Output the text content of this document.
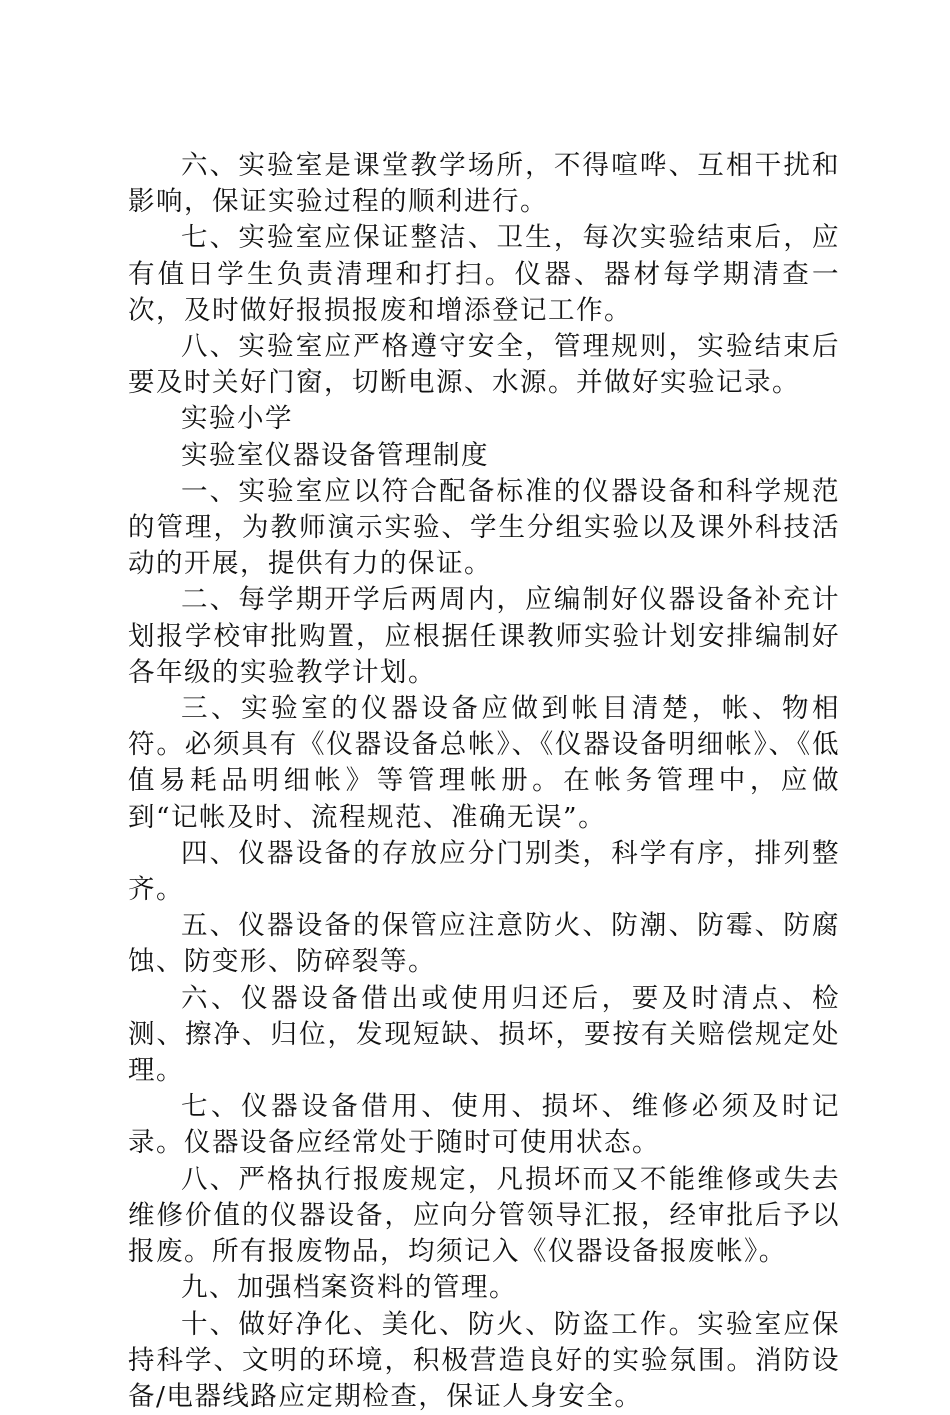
六、实验室是课堂教学场所，不得喧哗、互相干扰和影响，保证实验过程的顺利进行。

七、实验室应保证整洁、卫生，每次实验结束后，应有值日学生负责清理和打扫。仪器、器材每学期清查一次，及时做好报损报废和增添登记工作。

八、实验室应严格遵守安全，管理规则，实验结束后要及时关好门窗，切断电源、水源。并做好实验记录。

实验小学

实验室仪器设备管理制度

一、实验室应以符合配备标准的仪器设备和科学规范的管理，为教师演示实验、学生分组实验以及课外科技活动的开展，提供有力的保证。

二、每学期开学后两周内，应编制好仪器设备补充计划报学校审批购置，应根据任课教师实验计划安排编制好各年级的实验教学计划。

三、实验室的仪器设备应做到帐目清楚，帐、物相符。必须具有《仪器设备总帐》、《仪器设备明细帐》、《低值易耗品明细帐》等管理帐册。在帐务管理中，应做到“记帐及时、流程规范、准确无误”。

四、仪器设备的存放应分门别类，科学有序，排列整齐。

五、仪器设备的保管应注意防火、防潮、防霉、防腐蚀、防变形、防碎裂等。

六、仪器设备借出或使用归还后，要及时清点、检测、擦净、归位，发现短缺、损坏，要按有关赔偿规定处理。

七、仪器设备借用、使用、损坏、维修必须及时记录。仪器设备应经常处于随时可使用状态。

八、严格执行报废规定，凡损坏而又不能维修或失去维修价值的仪器设备，应向分管领导汇报，经审批后予以报废。所有报废物品，均须记入《仪器设备报废帐》。

九、加强档案资料的管理。

十、做好净化、美化、防火、防盗工作。实验室应保持科学、文明的环境，积极营造良好的实验氛围。消防设备/电器线路应定期检查，保证人身安全。
